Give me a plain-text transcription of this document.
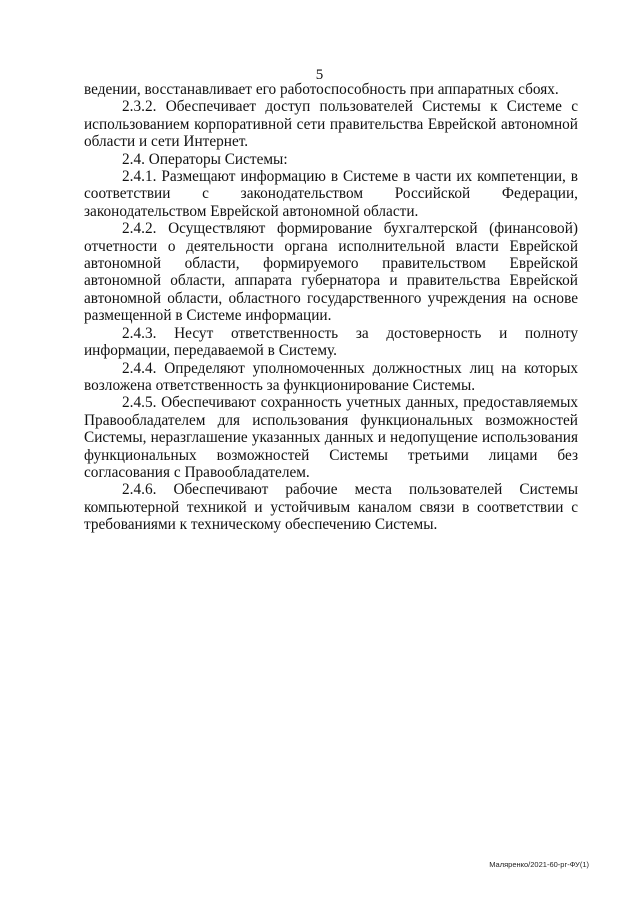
5

ведении, восстанавливает его работоспособность при аппаратных сбоях.

2.3.2. Обеспечивает доступ пользователей Системы к Системе с использованием корпоративной сети правительства Еврейской автономной области и сети Интернет.

2.4. Операторы Системы:

2.4.1. Размещают информацию в Системе в части их компетенции, в соответствии с законодательством Российской Федерации, законодательством Еврейской автономной области.

2.4.2. Осуществляют формирование бухгалтерской (финансовой) отчетности о деятельности органа исполнительной власти Еврейской автономной области, формируемого правительством Еврейской автономной области, аппарата губернатора и правительства Еврейской автономной области, областного государственного учреждения на основе размещенной в Системе информации.

2.4.3. Несут ответственность за достоверность и полноту информации, передаваемой в Систему.

2.4.4. Определяют уполномоченных должностных лиц на которых возложена ответственность за функционирование Системы.

2.4.5. Обеспечивают сохранность учетных данных, предоставляемых Правообладателем для использования функциональных возможностей Системы, неразглашение указанных данных и недопущение использования функциональных возможностей Системы третьими лицами без согласования с Правообладателем.

2.4.6. Обеспечивают рабочие места пользователей Системы компьютерной техникой и устойчивым каналом связи в соответствии с требованиями к техническому обеспечению Системы.

Маляренко/2021-60-рг-ФУ(1)
